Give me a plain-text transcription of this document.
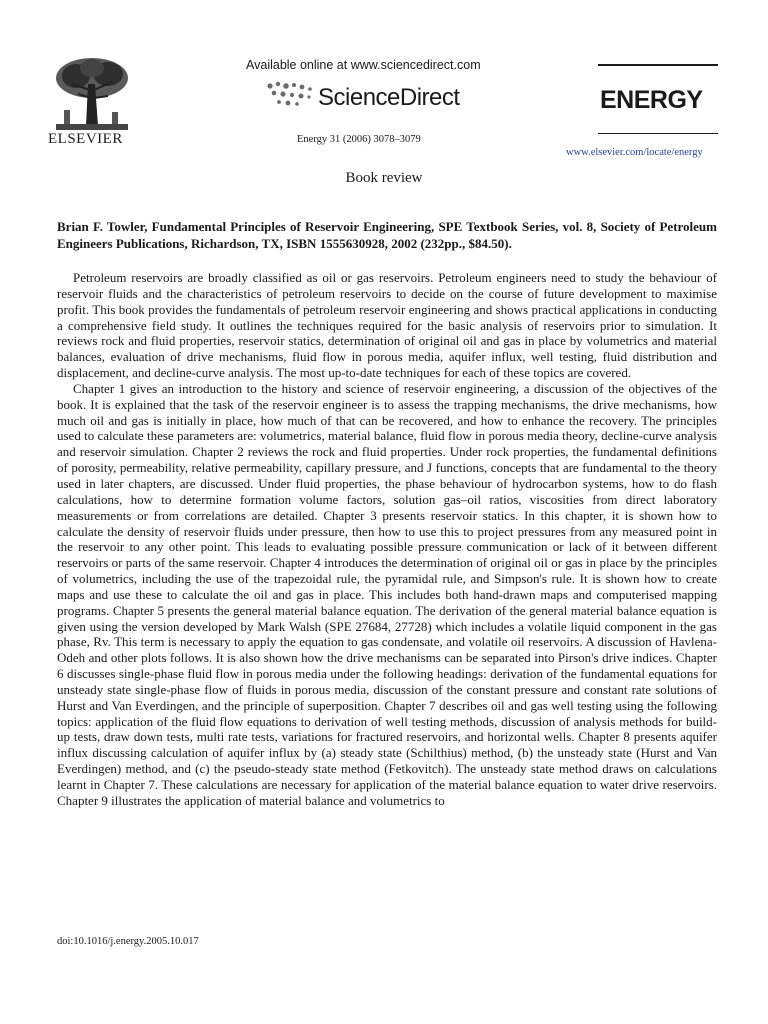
ELSEVIER
Available online at www.sciencedirect.com
ScienceDirect
Energy 31 (2006) 3078–3079
ENERGY
www.elsevier.com/locate/energy
Book review
Brian F. Towler, Fundamental Principles of Reservoir Engineering, SPE Textbook Series, vol. 8, Society of Petroleum Engineers Publications, Richardson, TX, ISBN 1555630928, 2002 (232pp., $84.50).

Petroleum reservoirs are broadly classified as oil or gas reservoirs. Petroleum engineers need to study the behaviour of reservoir fluids and the characteristics of petroleum reservoirs to decide on the course of future development to maximise profit. This book provides the fundamentals of petroleum reservoir engineering and shows practical applications in conducting a comprehensive field study. It outlines the techniques required for the basic analysis of reservoirs prior to simulation. It reviews rock and fluid properties, reservoir statics, determination of original oil and gas in place by volumetrics and material balances, evaluation of drive mechanisms, fluid flow in porous media, aquifer influx, well testing, fluid distribution and displacement, and decline-curve analysis. The most up-to-date techniques for each of these topics are covered.

Chapter 1 gives an introduction to the history and science of reservoir engineering, a discussion of the objectives of the book. It is explained that the task of the reservoir engineer is to assess the trapping mechanisms, the drive mechanisms, how much oil and gas is initially in place, how much of that can be recovered, and how to enhance the recovery. The principles used to calculate these parameters are: volumetrics, material balance, fluid flow in porous media theory, decline-curve analysis and reservoir simulation. Chapter 2 reviews the rock and fluid properties. Under rock properties, the fundamental definitions of porosity, permeability, relative permeability, capillary pressure, and J functions, concepts that are fundamental to the theory used in later chapters, are discussed. Under fluid properties, the phase behaviour of hydrocarbon systems, how to do flash calculations, how to determine formation volume factors, solution gas–oil ratios, viscosities from direct laboratory measurements or from correlations are detailed. Chapter 3 presents reservoir statics. In this chapter, it is shown how to calculate the density of reservoir fluids under pressure, then how to use this to project pressures from any measured point in the reservoir to any other point. This leads to evaluating possible pressure communication or lack of it between different reservoirs or parts of the same reservoir. Chapter 4 introduces the determination of original oil or gas in place by the principles of volumetrics, including the use of the trapezoidal rule, the pyramidal rule, and Simpson's rule. It is shown how to create maps and use these to calculate the oil and gas in place. This includes both hand-drawn maps and computerised mapping programs. Chapter 5 presents the general material balance equation. The derivation of the general material balance equation is given using the version developed by Mark Walsh (SPE 27684, 27728) which includes a volatile liquid component in the gas phase, Rv. This term is necessary to apply the equation to gas condensate, and volatile oil reservoirs. A discussion of Havlena-Odeh and other plots follows. It is also shown how the drive mechanisms can be separated into Pirson's drive indices. Chapter 6 discusses single-phase fluid flow in porous media under the following headings: derivation of the fundamental equations for unsteady state single-phase flow of fluids in porous media, discussion of the constant pressure and constant rate solutions of Hurst and Van Everdingen, and the principle of superposition. Chapter 7 describes oil and gas well testing using the following topics: application of the fluid flow equations to derivation of well testing methods, discussion of analysis methods for build-up tests, draw down tests, multi rate tests, variations for fractured reservoirs, and horizontal wells. Chapter 8 presents aquifer influx discussing calculation of aquifer influx by (a) steady state (Schilthius) method, (b) the unsteady state (Hurst and Van Everdingen) method, and (c) the pseudo-steady state method (Fetkovitch). The unsteady state method draws on calculations learnt in Chapter 7. These calculations are necessary for application of the material balance equation to water drive reservoirs. Chapter 9 illustrates the application of material balance and volumetrics to

doi:10.1016/j.energy.2005.10.017
